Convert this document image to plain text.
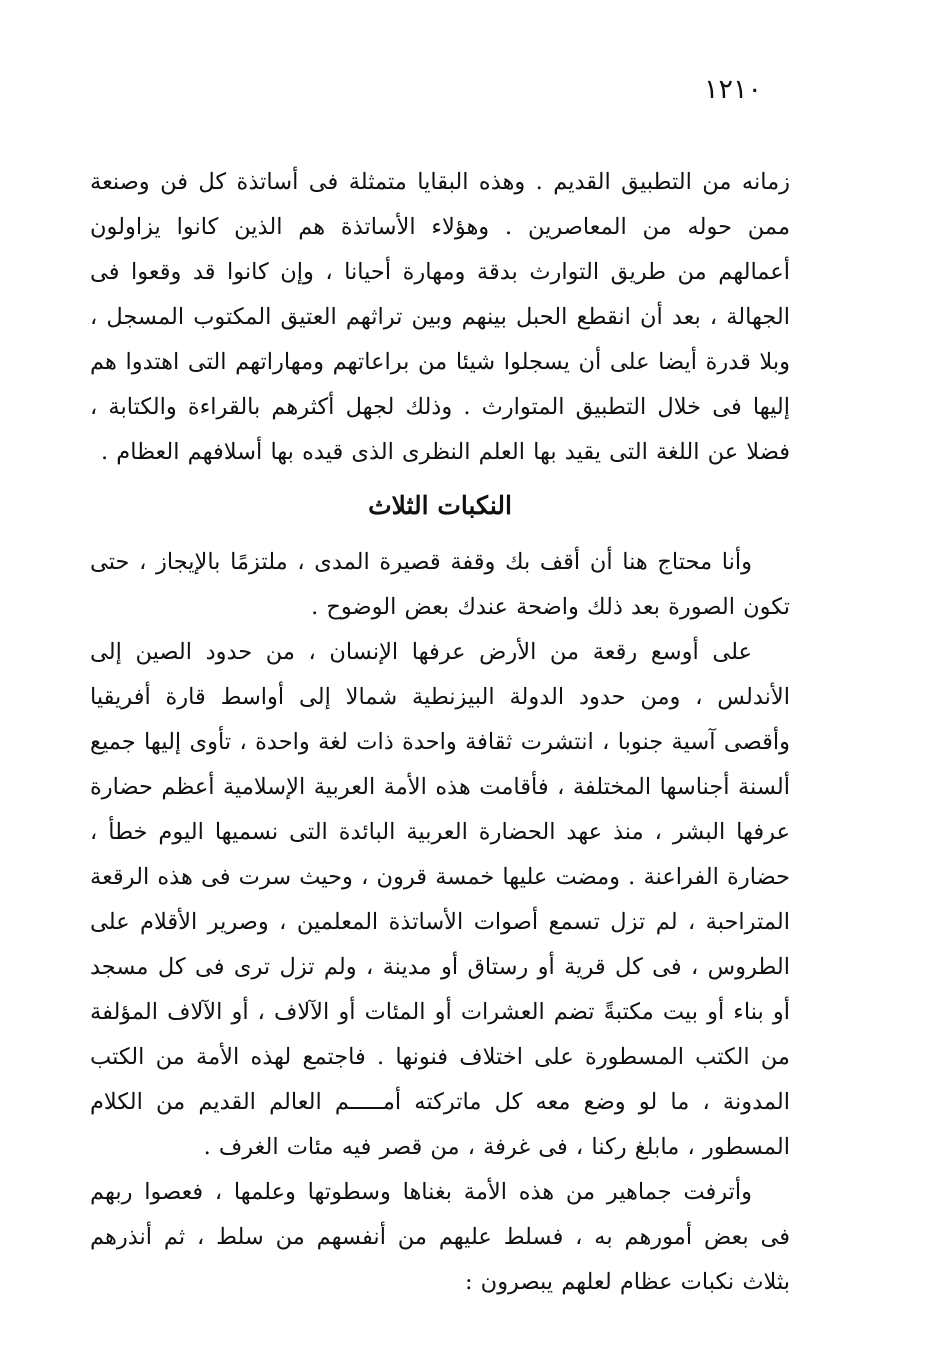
١٢١٠

زمانه من التطبيق القديم . وهذه البقايا متمثلة فى أساتذة كل فن وصنعة ممن حوله من المعاصرين . وهؤلاء الأساتذة هم الذين كانوا يزاولون أعمالهم من طريق التوارث بدقة ومهارة أحيانا ، وإن كانوا قد وقعوا فى الجهالة ، بعد أن انقطع الحبل بينهم وبين تراثهم العتيق المكتوب المسجل ، وبلا قدرة أيضا على أن يسجلوا شيئا من براعاتهم ومهاراتهم التى اهتدوا هم إليها فى خلال التطبيق المتوارث . وذلك لجهل أكثرهم بالقراءة والكتابة ، فضلا عن اللغة التى يقيد بها العلم النظرى الذى قيده بها أسلافهم العظام .

النكبات الثلاث

وأنا محتاج هنا أن أقف بك وقفة قصيرة المدى ، ملتزمًا بالإيجاز ، حتى تكون الصورة بعد ذلك واضحة عندك بعض الوضوح .

على أوسع رقعة من الأرض عرفها الإنسان ، من حدود الصين إلى الأندلس ، ومن حدود الدولة البيزنطية شمالا إلى أواسط قارة أفريقيا وأقصى آسية جنوبا ، انتشرت ثقافة واحدة ذات لغة واحدة ، تأوى إليها جميع ألسنة أجناسها المختلفة ، فأقامت هذه الأمة العربية الإسلامية أعظم حضارة عرفها البشر ، منذ عهد الحضارة العربية البائدة التى نسميها اليوم خطأ ، حضارة الفراعنة . ومضت عليها خمسة قرون ، وحيث سرت فى هذه الرقعة المتراحبة ، لم تزل تسمع أصوات الأساتذة المعلمين ، وصرير الأقلام على الطروس ، فى كل قرية أو رستاق أو مدينة ، ولم تزل ترى فى كل مسجد أو بناء أو بيت مكتبةً تضم العشرات أو المئات أو الآلاف ، أو الآلاف المؤلفة من الكتب المسطورة على اختلاف فنونها . فاجتمع لهذه الأمة من الكتب المدونة ، ما لو وضع معه كل ماتركته أمـــــم العالم القديم من الكلام المسطور ، مابلغ ركنا ، فى غرفة ، من قصر فيه مئات الغرف .

وأترفت جماهير من هذه الأمة بغناها وسطوتها وعلمها ، فعصوا ربهم فى بعض أمورهم به ، فسلط عليهم من أنفسهم من سلط ، ثم أنذرهم بثلاث نكبات عظام لعلهم يبصرون :
